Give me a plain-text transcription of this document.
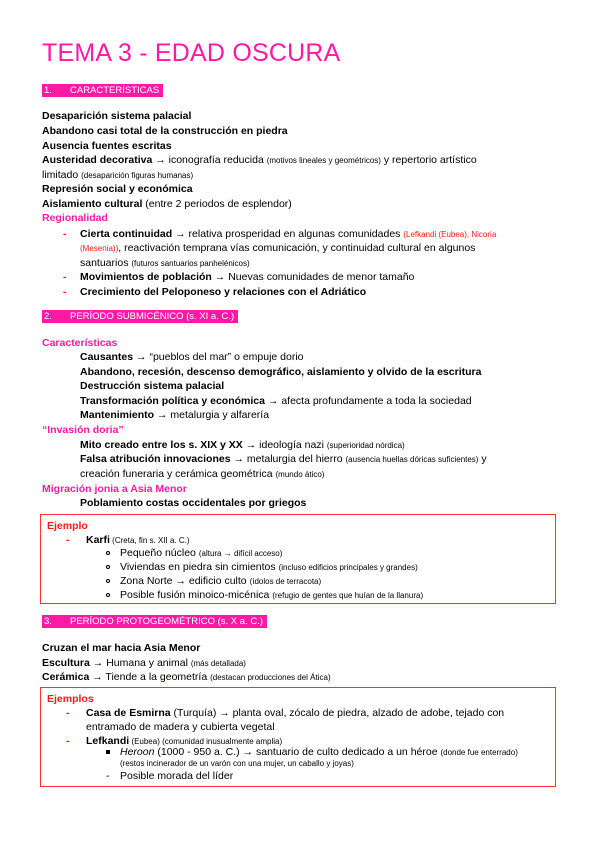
TEMA 3 - EDAD OSCURA
1. CARACTERÍSTICAS
Desaparición sistema palacial
Abandono casi total de la construcción en piedra
Ausencia fuentes escritas
Austeridad decorativa → iconografía reducida (motivos lineales y geométricos) y repertorio artístico
limitado (desaparición figuras humanas)
Represión social y económica
Aislamiento cultural (entre 2 periodos de esplendor)
Regionalidad
- Cierta continuidad → relativa prosperidad en algunas comunidades (Lefkandi (Eubea), Nicoria
(Mesenia)), reactivación temprana vías comunicación, y continuidad cultural en algunos
santuarios (futuros santuarios panhelénicos)
- Movimientos de población → Nuevas comunidades de menor tamaño
- Crecimiento del Peloponeso y relaciones con el Adriático
2. PERÍODO SUBMICÉNICO (s. XI a. C.)
Características
Causantes → “pueblos del mar” o empuje dorio
Abandono, recesión, descenso demográfico, aislamiento y olvido de la escritura
Destrucción sistema palacial
Transformación política y económica → afecta profundamente a toda la sociedad
Mantenimiento → metalurgia y alfarería
“Invasión doria”
Mito creado entre los s. XIX y XX → ideología nazi (superioridad nórdica)
Falsa atribución innovaciones → metalurgia del hierro (ausencia huellas dóricas suficientes) y
creación funeraria y cerámica geométrica (mundo ático)
Migración jonia a Asia Menor
Poblamiento costas occidentales por griegos
Ejemplo
- Karfi (Creta, fin s. XII a. C.)
Pequeño núcleo (altura → difícil acceso)
Viviendas en piedra sin cimientos (incluso edificios principales y grandes)
Zona Norte → edificio culto (ídolos de terracota)
Posible fusión minoico-micénica (refugio de gentes que huían de la llanura)
3. PERÍODO PROTOGEOMÉTRICO (s. X a. C.)
Cruzan el mar hacia Asia Menor
Escultura → Humana y animal (más detallada)
Cerámica → Tiende a la geometría (destacan producciones del Ática)
Ejemplos
- Casa de Esmirna (Turquía) → planta oval, zócalo de piedra, alzado de adobe, tejado con
entramado de madera y cubierta vegetal
- Lefkandi (Eubea) (comunidad inusualmente amplia)
Heroon (1000 - 950 a. C.) → santuario de culto dedicado a un héroe (donde fue enterrado)
(restos incinerador de un varón con una mujer, un caballo y joyas)
- Posible morada del líder
